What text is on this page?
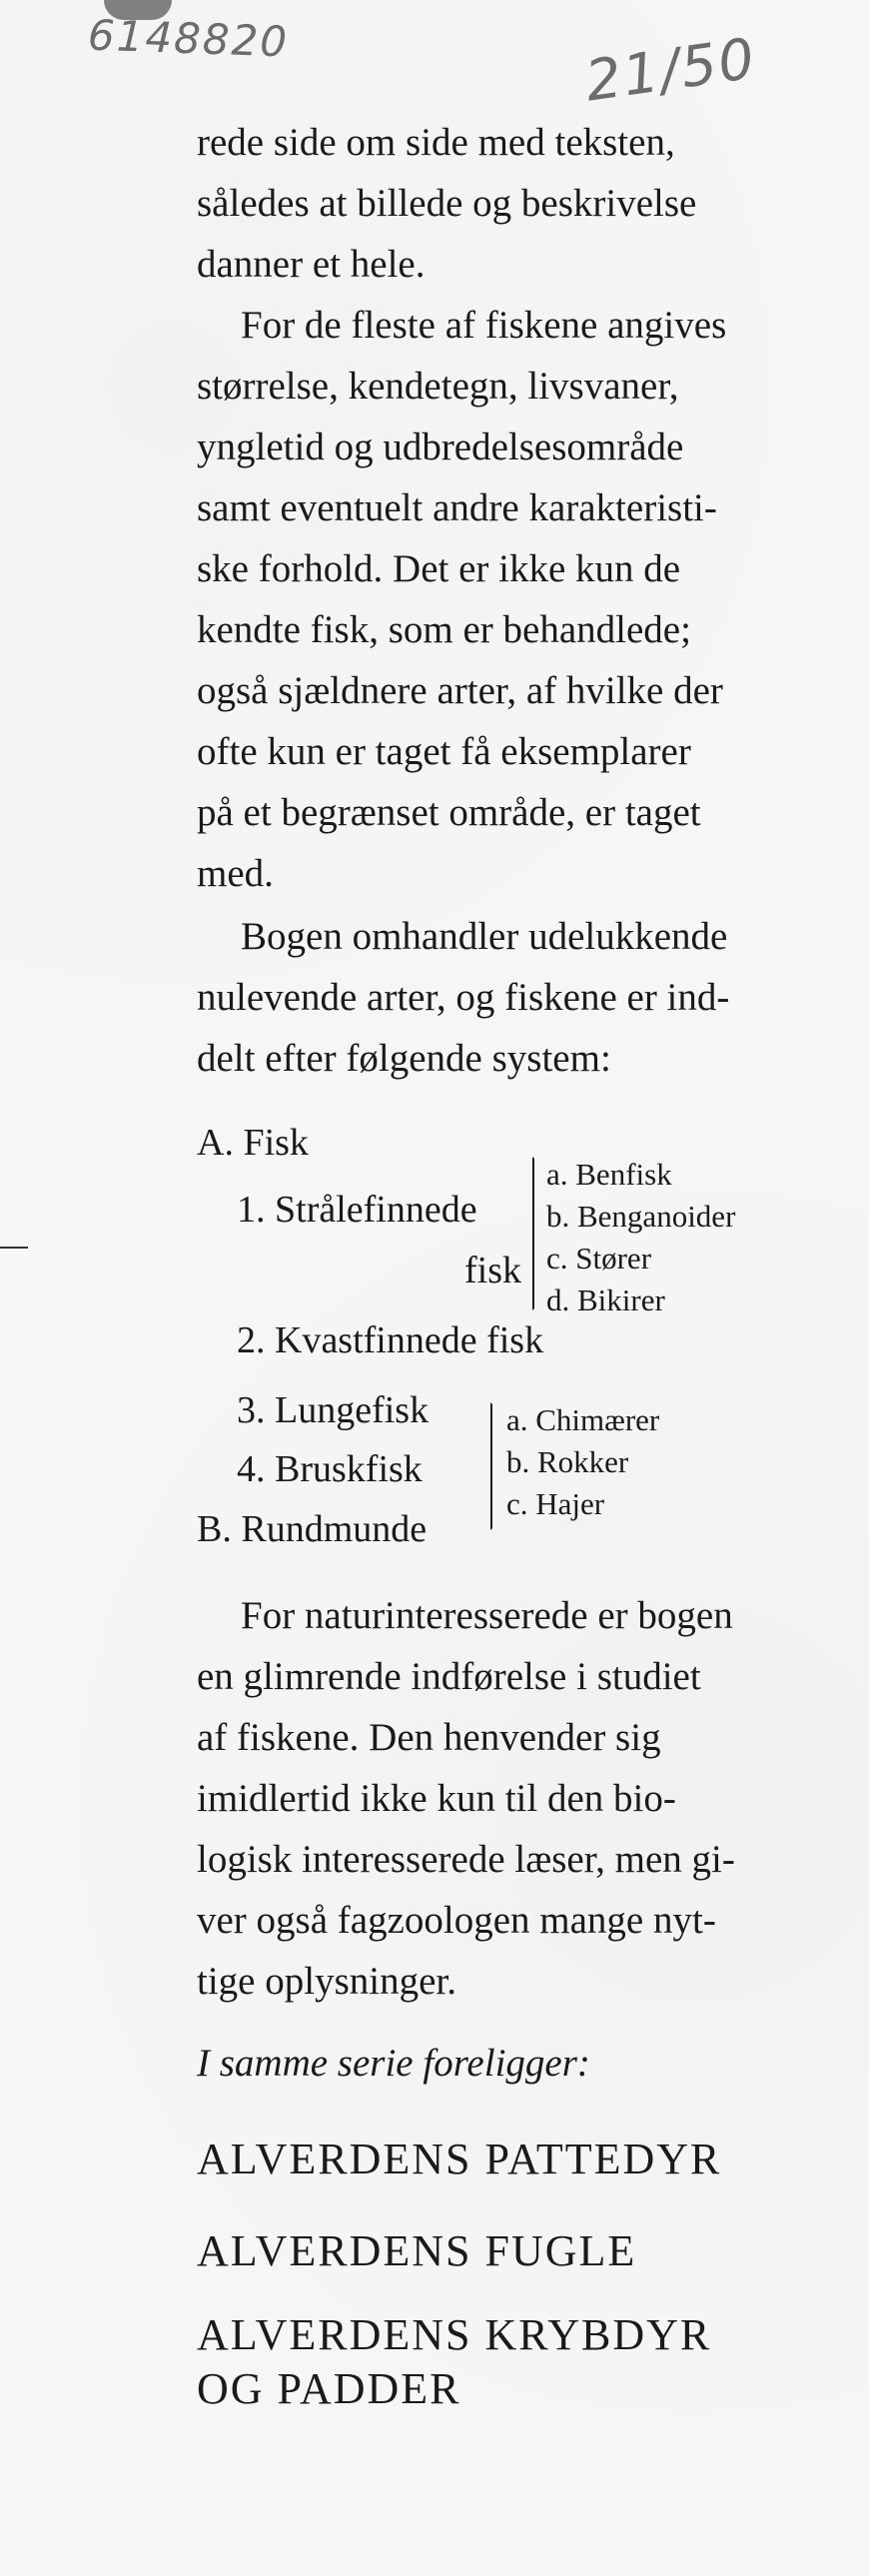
6148820	21/50
rede side om side med teksten,
således at billede og beskrivelse
danner et hele.
For de fleste af fiskene angives
størrelse, kendetegn, livsvaner,
yngletid og udbredelsesområde
samt eventuelt andre karakteristi-
ske forhold. Det er ikke kun de
kendte fisk, som er behandlede;
også sjældnere arter, af hvilke der
ofte kun er taget få eksemplarer
på et begrænset område, er taget
med.
Bogen omhandler udelukkende
nulevende arter, og fiskene er ind-
delt efter følgende system:
A. Fisk
1. Strålefinnede
fisk
a. Benfisk
b. Benganoider
c. Stører
d. Bikirer
2. Kvastfinnede fisk
3. Lungefisk
4. Bruskfisk
B. Rundmunde
a. Chimærer
b. Rokker
c. Hajer
For naturinteresserede er bogen
en glimrende indførelse i studiet
af fiskene. Den henvender sig
imidlertid ikke kun til den bio-
logisk interesserede læser, men gi-
ver også fagzoologen mange nyt-
tige oplysninger.
I samme serie foreligger:
ALVERDENS PATTEDYR
ALVERDENS FUGLE
ALVERDENS KRYBDYR
OG PADDER
